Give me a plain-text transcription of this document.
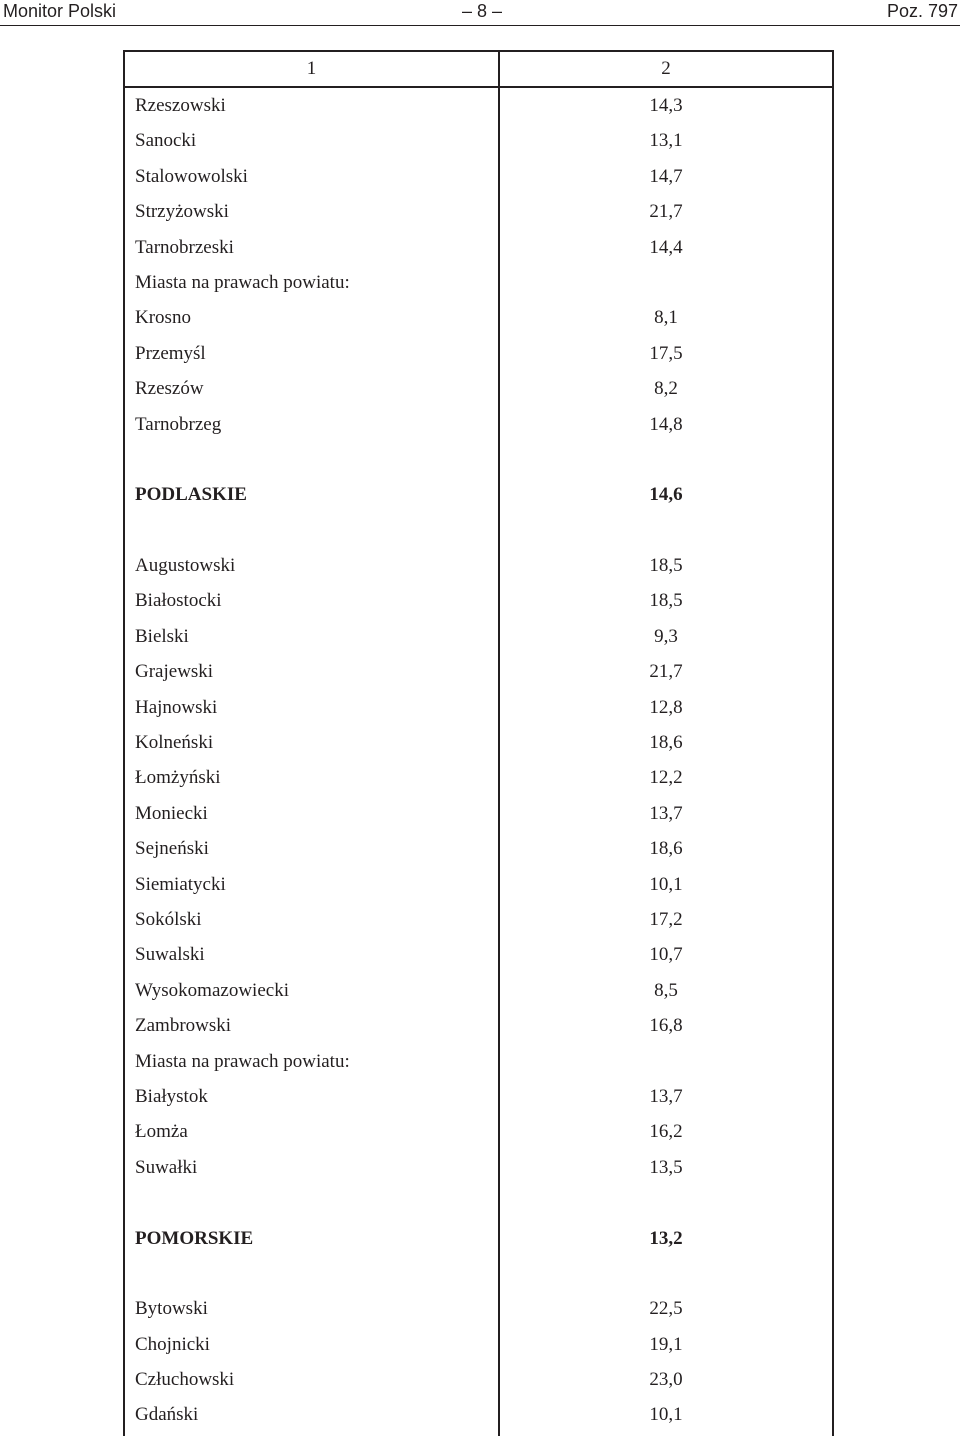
Monitor Polski	– 8 –	Poz. 797
1	2
Rzeszowski	14,3
Sanocki	13,1
Stalowowolski	14,7
Strzyżowski	21,7
Tarnobrzeski	14,4
Miasta na prawach powiatu:
Krosno	8,1
Przemyśl	17,5
Rzeszów	8,2
Tarnobrzeg	14,8
PODLASKIE	14,6
Augustowski	18,5
Białostocki	18,5
Bielski	9,3
Grajewski	21,7
Hajnowski	12,8
Kolneński	18,6
Łomżyński	12,2
Moniecki	13,7
Sejneński	18,6
Siemiatycki	10,1
Sokólski	17,2
Suwalski	10,7
Wysokomazowiecki	8,5
Zambrowski	16,8
Miasta na prawach powiatu:
Białystok	13,7
Łomża	16,2
Suwałki	13,5
POMORSKIE	13,2
Bytowski	22,5
Chojnicki	19,1
Człuchowski	23,0
Gdański	10,1
